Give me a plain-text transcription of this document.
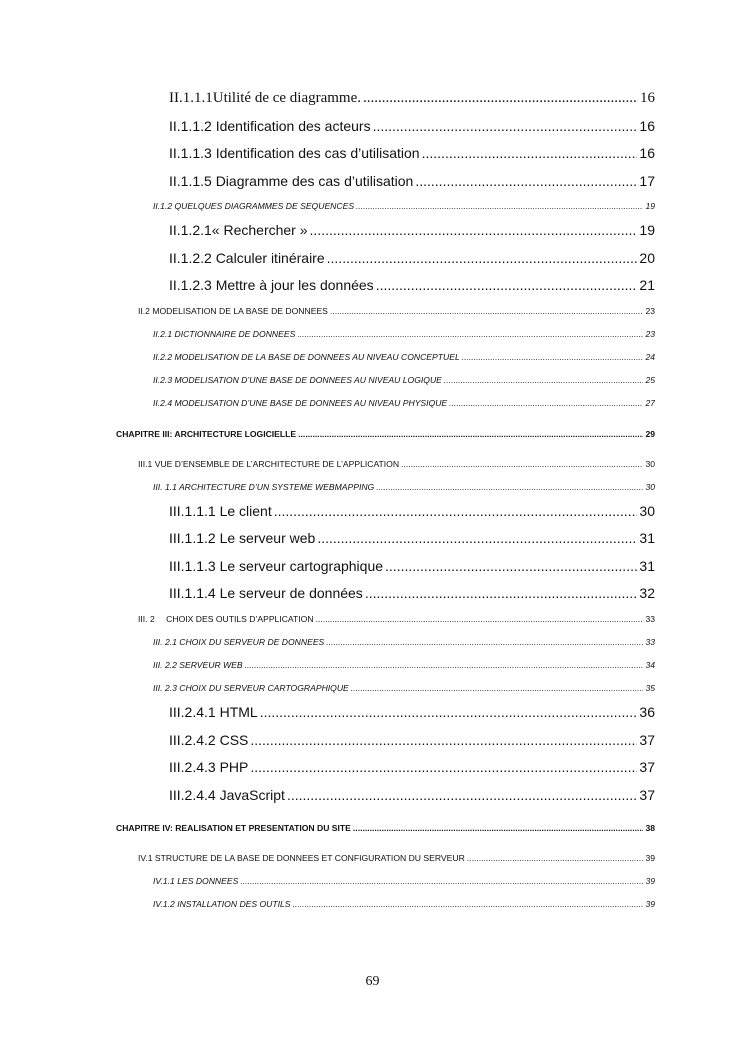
II.1.1.1Utilité de ce diagramme. .....	16
II.1.1.2 Identification des acteurs .....	16
II.1.1.3 Identification des cas d’utilisation .....	16
II.1.1.5 Diagramme des cas d’utilisation .....	17
II.1.2 QUELQUES DIAGRAMMES DE SEQUENCES .....	19
II.1.2.1« Rechercher » .....	19
II.1.2.2 Calculer itinéraire .....	20
II.1.2.3 Mettre à jour les données .....	21
II.2 MODELISATION DE LA BASE DE DONNEES .....	23
II.2.1 DICTIONNAIRE DE DONNEES .....	23
II.2.2 MODELISATION DE LA BASE DE DONNEES AU NIVEAU CONCEPTUEL .....	24
II.2.3 MODELISATION D’UNE BASE DE DONNEES AU NIVEAU LOGIQUE .....	25
II.2.4 MODELISATION D’UNE BASE DE DONNEES AU NIVEAU PHYSIQUE .....	27
CHAPITRE III: ARCHITECTURE LOGICIELLE .....	29
III.1 VUE D’ENSEMBLE DE L’ARCHITECTURE DE L’APPLICATION .....	30
III. 1.1 ARCHITECTURE D’UN SYSTEME WEBMAPPING .....	30
III.1.1.1 Le client .....	30
III.1.1.2 Le serveur web .....	31
III.1.1.3 Le serveur cartographique .....	31
III.1.1.4 Le serveur de données .....	32
III. 2 CHOIX DES OUTILS D’APPLICATION .....	33
III. 2.1 CHOIX DU SERVEUR DE DONNEES .....	33
III. 2.2 SERVEUR WEB .....	34
III. 2.3 CHOIX DU SERVEUR CARTOGRAPHIQUE .....	35
III.2.4.1 HTML .....	36
III.2.4.2 CSS .....	37
III.2.4.3 PHP .....	37
III.2.4.4 JavaScript .....	37
CHAPITRE IV: REALISATION ET PRESENTATION DU SITE .....	38
IV.1 STRUCTURE DE LA BASE DE DONNEES ET CONFIGURATION DU SERVEUR .....	39
IV.1.1 LES DONNEES .....	39
IV.1.2 INSTALLATION DES OUTILS .....	39
69
